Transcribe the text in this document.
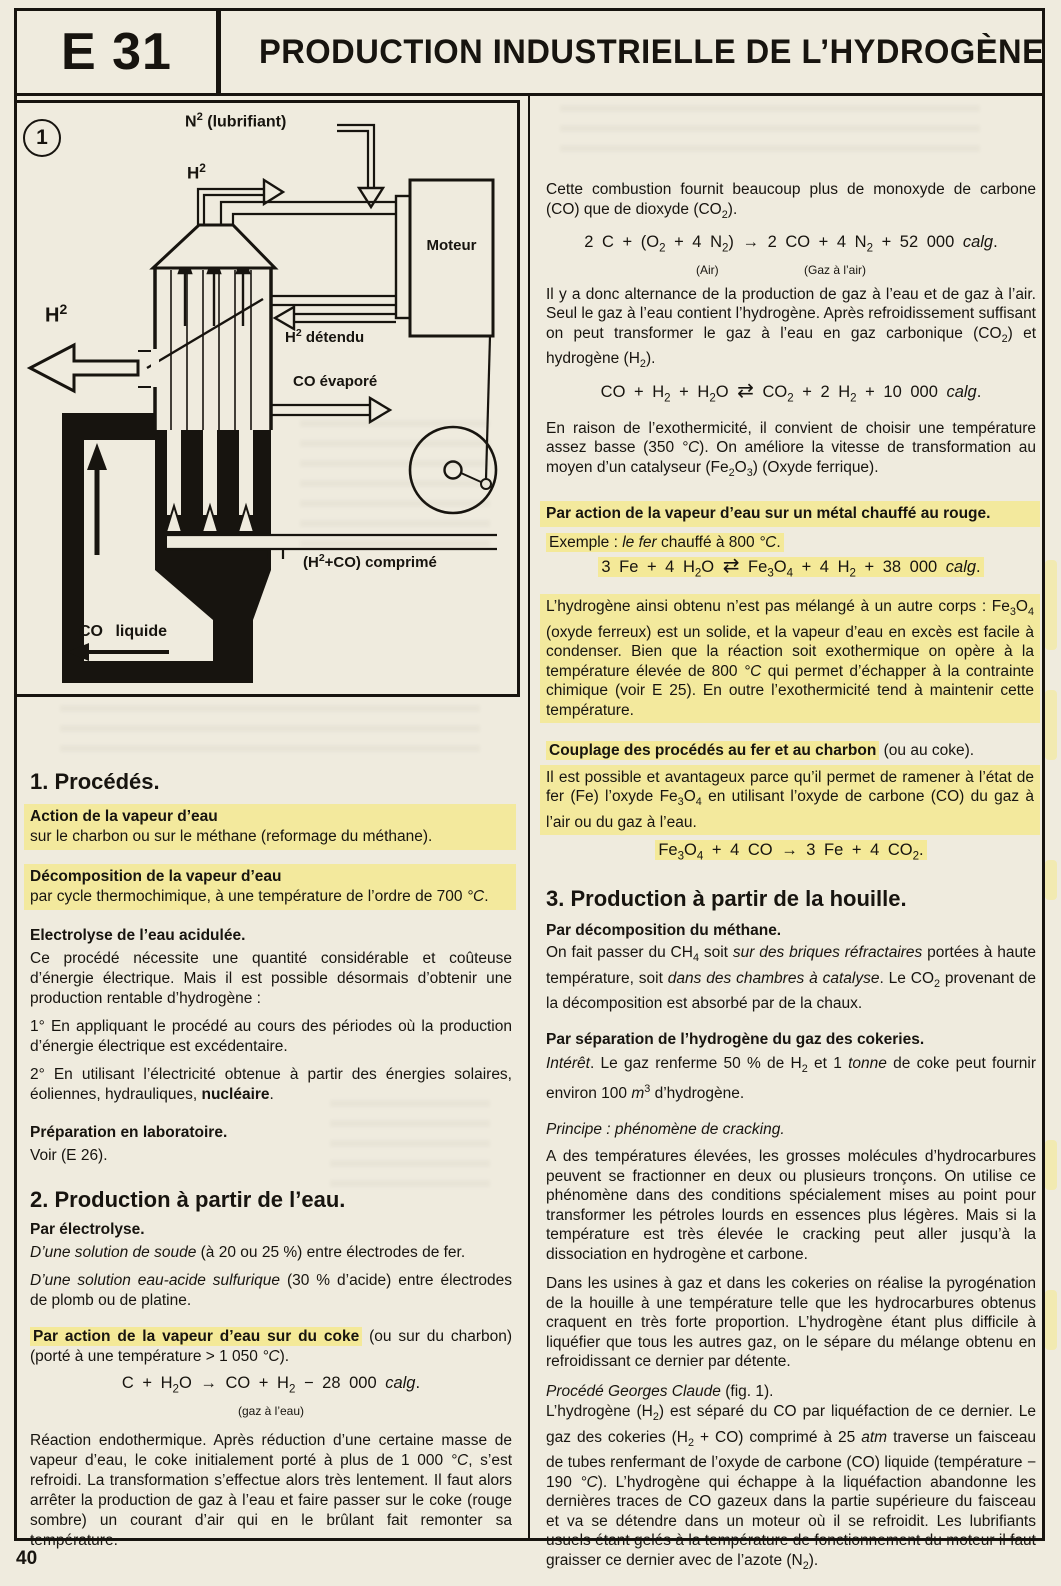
E 31	PRODUCTION INDUSTRIELLE DE L’HYDROGÈNE
1
$N^2$ (lubrifiant)
$H^2$
Moteur
$H^2$
$H^2$ détendu
CO évaporé
$(H^2+CO)$ comprimé
CO liquide
1. Procédés.
Action de la vapeur d’eau
sur le charbon ou sur le méthane (reformage du méthane).
Décomposition de la vapeur d’eau
par cycle thermochimique, à une température de l’ordre de 700 °C.
Electrolyse de l’eau acidulée.
Ce procédé nécessite une quantité considérable et coûteuse d’énergie électrique. Mais il est possible désormais d’obtenir une production rentable d’hydrogène :
1° En appliquant le procédé au cours des périodes où la production d’énergie électrique est excédentaire.
2° En utilisant l’électricité obtenue à partir des énergies solaires, éoliennes, hydrauliques, nucléaire.
Préparation en laboratoire.
Voir (E 26).
2. Production à partir de l’eau.
Par électrolyse.
D’une solution de soude (à 20 ou 25 %) entre électrodes de fer.
D’une solution eau-acide sulfurique (30 % d’acide) entre électrodes de plomb ou de platine.
Par action de la vapeur d’eau sur du coke (ou sur du charbon) (porté à une température > 1 050 °C).
$C + H_2O$ → CO + $H_2 - 28$ 000 calg.
(gaz à l’eau)
Réaction endothermique. Après réduction d’une certaine masse de vapeur d’eau, le coke initialement porté à plus de 1 000 °C, s’est refroidi. La transformation s’effectue alors très lentement. Il faut alors arrêter la production de gaz à l’eau et faire passer sur le coke (rouge sombre) un courant d’air qui en le brûlant fait remonter sa température.
Cette combustion fournit beaucoup plus de monoxyde de carbone (CO) que de dioxyde $(CO_2)$.
2 $C + (O_2 + 4$ $N_2) \to 2$ CO + 4 $N_2 + 52$ 000 calg.
(Air)	(Gaz à l’air)
Il y a donc alternance de la production de gaz à l’eau et de gaz à l’air. Seul le gaz à l’eau contient l’hydrogène. Après refroidissement suffisant on peut transformer le gaz à l’eau en gaz carbonique $(CO_2)$ et hydrogène $(H_2)$.
CO + $H_2 + H_2O$ ⇄ $CO_2 + 2$ $H_2 + 10$ 000 calg.
En raison de l’exothermicité, il convient de choisir une température assez basse (350 °C). On améliore la vitesse de transformation au moyen d’un catalyseur $(Fe_2O_3)$ (Oxyde ferrique).
Par action de la vapeur d’eau sur un métal chauffé au rouge.
Exemple : le fer chauffé à 800 °C.
3 Fe + 4 $H_2O$ ⇄ $Fe_3O_4 + 4$ $H_2 + 38$ 000 calg.
L’hydrogène ainsi obtenu n’est pas mélangé à un autre corps : $Fe_3O_4$ (oxyde ferreux) est un solide, et la vapeur d’eau en excès est facile à condenser. Bien que la réaction soit exothermique on opère à la température élevée de 800 °C qui permet d’échapper à la contrainte chimique (voir E 25). En outre l’exothermicité tend à maintenir cette température.
Couplage des procédés au fer et au charbon (ou au coke).
Il est possible et avantageux parce qu’il permet de ramener à l’état de fer (Fe) l’oxyde $Fe_3O_4$ en utilisant l’oxyde de carbone (CO) du gaz à l’air ou du gaz à l’eau.
$Fe_3O_4 + 4$ CO → 3 Fe + 4 $CO_2$.
3. Production à partir de la houille.
Par décomposition du méthane.
On fait passer du $CH_4$ soit sur des briques réfractaires portées à haute température, soit dans des chambres à catalyse. Le $CO_2$ provenant de la décomposition est absorbé par de la chaux.
Par séparation de l’hydrogène du gaz des cokeries.
Intérêt. Le gaz renferme 50 % de $H_2$ et 1 tonne de coke peut fournir environ 100 $m^3$ d’hydrogène.
Principe : phénomène de cracking.
A des températures élevées, les grosses molécules d’hydrocarbures peuvent se fractionner en deux ou plusieurs tronçons. On utilise ce phénomène dans des conditions spécialement mises au point pour transformer les pétroles lourds en essences plus légères. Mais si la température est très élevée le cracking peut aller jusqu’à la dissociation en hydrogène et carbone.
Dans les usines à gaz et dans les cokeries on réalise la pyrogénation de la houille à une température telle que les hydrocarbures obtenus craquent en très forte proportion. L’hydrogène étant plus difficile à liquéfier que tous les autres gaz, on le sépare du mélange obtenu en refroidissant ce dernier par détente.
Procédé Georges Claude (fig. 1).
L’hydrogène $(H_2)$ est séparé du CO par liquéfaction de ce dernier. Le gaz des cokeries $(H_2 + CO)$ comprimé à 25 atm traverse un faisceau de tubes renfermant de l’oxyde de carbone (CO) liquide (température − 190 °C). L’hydrogène qui échappe à la liquéfaction abandonne les dernières traces de CO gazeux dans la partie supérieure du faisceau et va se détendre dans un moteur où il se refroidit. Les lubrifiants usuels étant gelés à la température de fonctionnement du moteur il faut graisser ce dernier avec de l’azote $(N_2)$.
40
